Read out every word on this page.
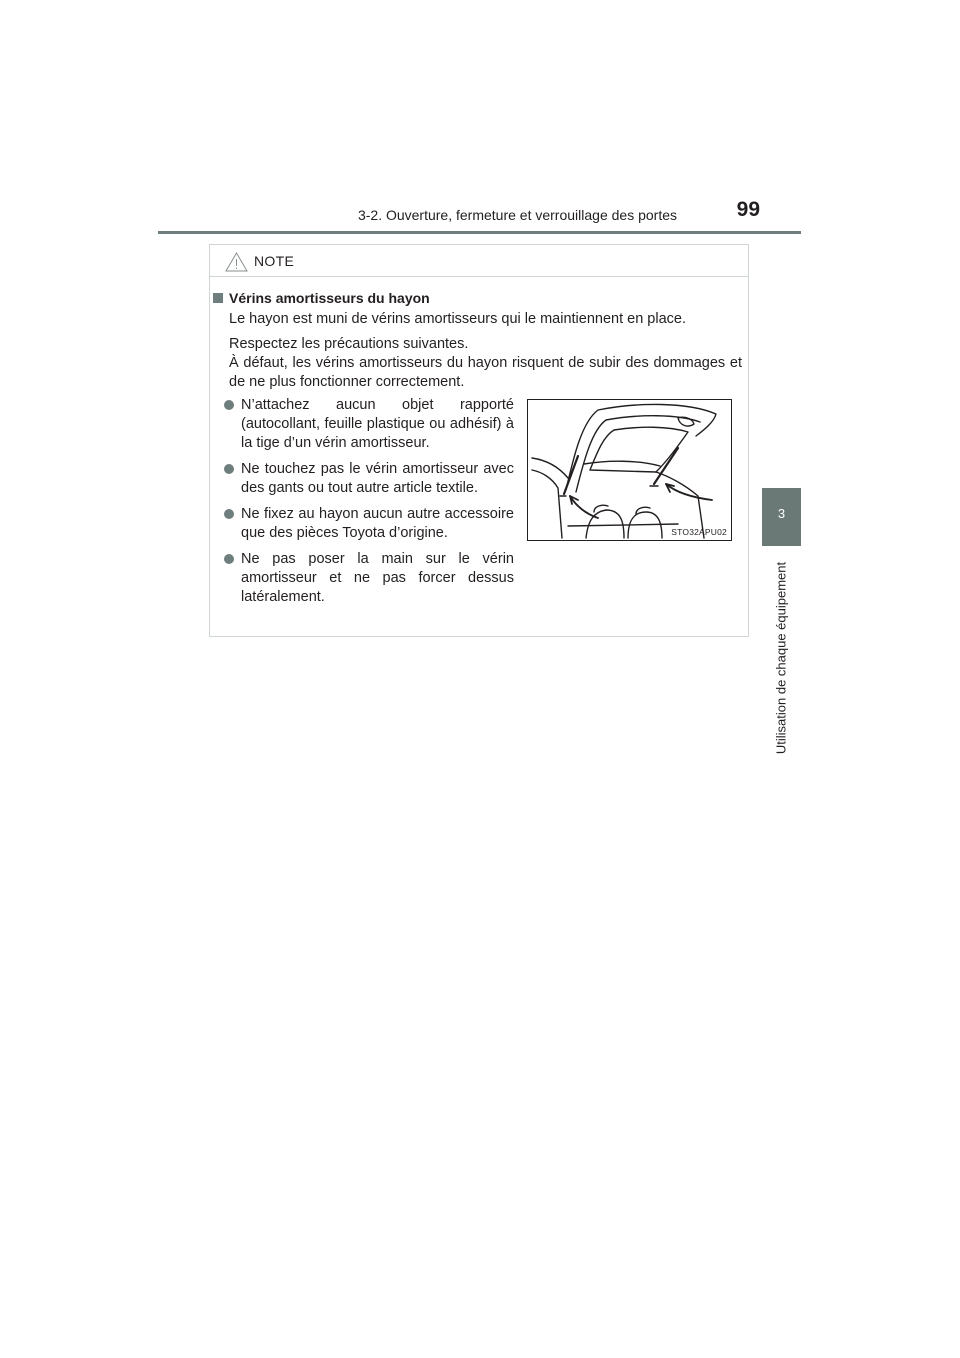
3-2. Ouverture, fermeture et verrouillage des portes	99
3
Utilisation de chaque équipement
NOTE
Vérins amortisseurs du hayon
Le hayon est muni de vérins amortisseurs qui le maintiennent en place.
Respectez les précautions suivantes.
À défaut, les vérins amortisseurs du hayon risquent de subir des dommages et de ne plus fonctionner correctement.
N’attachez aucun objet rapporté (autocollant, feuille plastique ou adhésif) à la tige d’un vérin amortisseur.
Ne touchez pas le vérin amortisseur avec des gants ou tout autre article textile.
Ne fixez au hayon aucun autre accessoire que des pièces Toyota d’origine.
Ne pas poser la main sur le vérin amortisseur et ne pas forcer dessus latéralement.
STO32APU02
